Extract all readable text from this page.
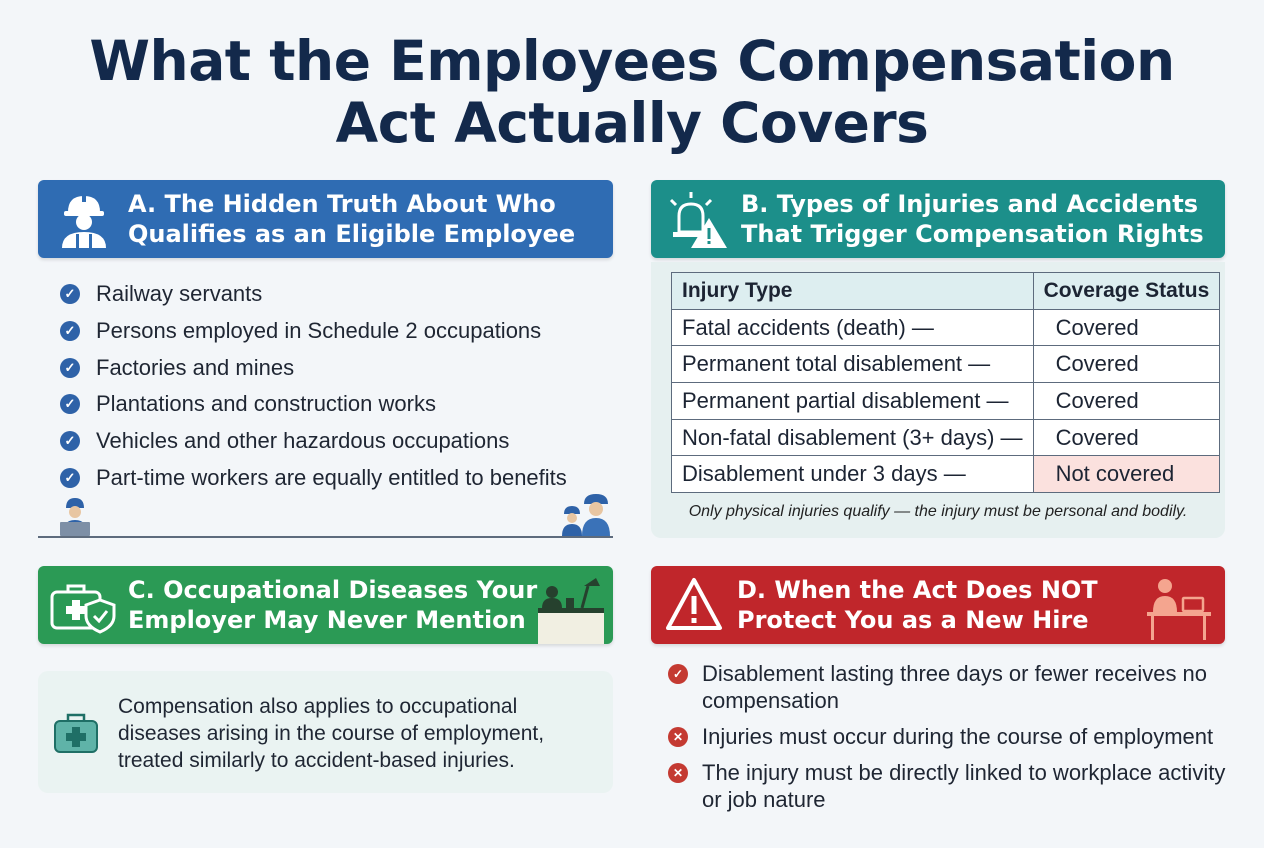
What the Employees Compensation
Act Actually Covers
A. The Hidden Truth About Who
Qualifies as an Eligible Employee
✓ Railway servants
✓ Persons employed in Schedule 2 occupations
✓ Factories and mines
✓ Plantations and construction works
✓ Vehicles and other hazardous occupations
✓ Part-time workers are equally entitled to benefits
B. Types of Injuries and Accidents
That Trigger Compensation Rights
Injury Type	Coverage Status
Fatal accidents (death) —	Covered
Permanent total disablement —	Covered
Permanent partial disablement —	Covered
Non-fatal disablement (3+ days) —	Covered
Disablement under 3 days —	Not covered
Only physical injuries qualify — the injury must be personal and bodily.
C. Occupational Diseases Your
Employer May Never Mention
Compensation also applies to occupational diseases arising in the course of employment, treated similarly to accident-based injuries.
D. When the Act Does NOT
Protect You as a New Hire
✓ Disablement lasting three days or fewer receives no compensation
✕ Injuries must occur during the course of employment
✕ The injury must be directly linked to workplace activity or job nature
